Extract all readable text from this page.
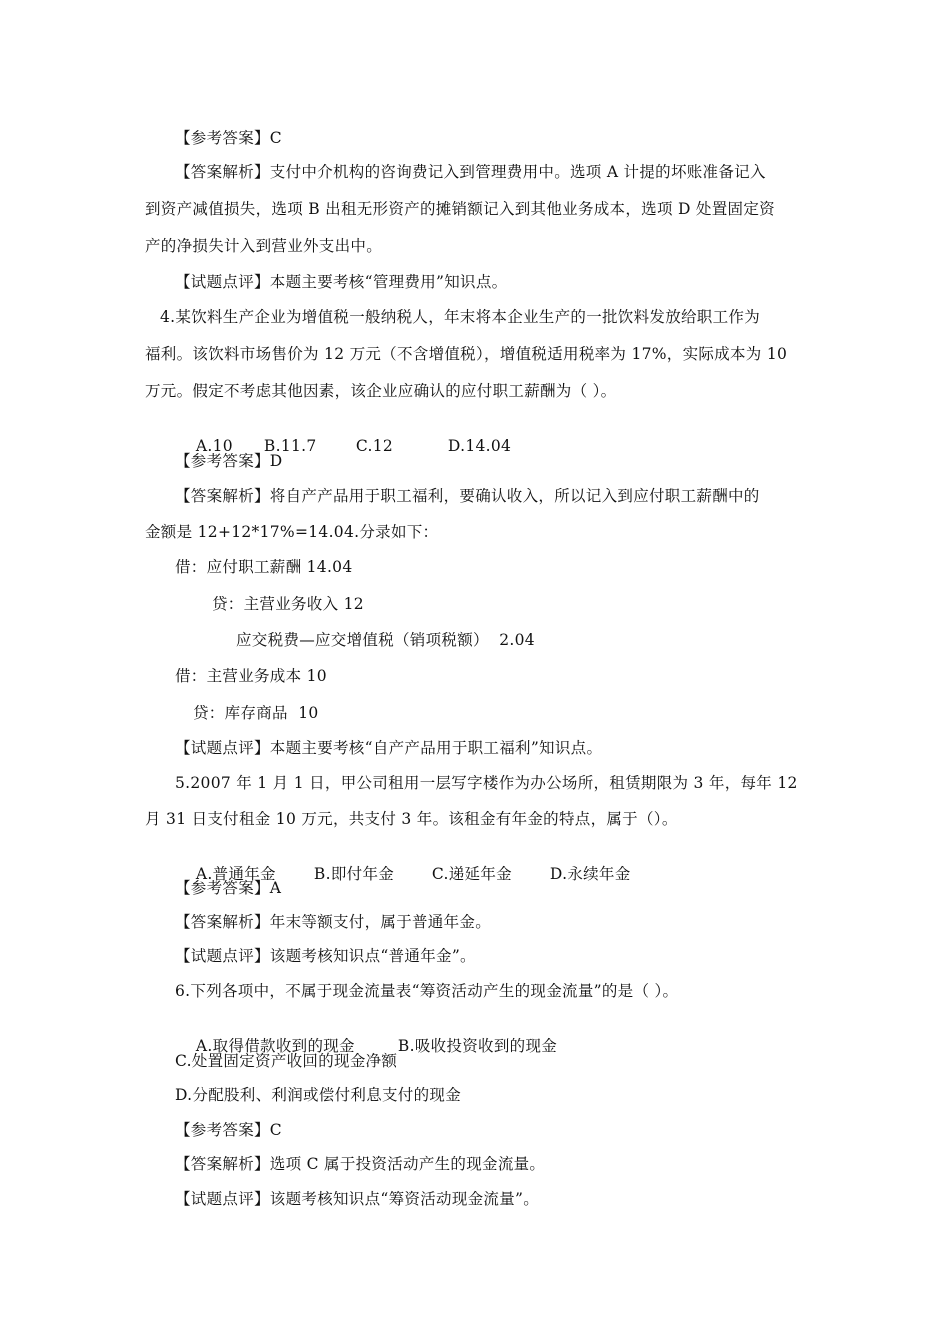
【参考答案】C
【答案解析】支付中介机构的咨询费记入到管理费用中。选项 A 计提的坏账准备记入
到资产减值损失，选项 B 出租无形资产的摊销额记入到其他业务成本，选项 D 处置固定资
产的净损失计入到营业外支出中。
【试题点评】本题主要考核“管理费用”知识点。
4.某饮料生产企业为增值税一般纳税人，年末将本企业生产的一批饮料发放给职工作为
福利。该饮料市场售价为 12 万元（不含增值税），增值税适用税率为 17%，实际成本为 10
万元。假定不考虑其他因素，该企业应确认的应付职工薪酬为（ ）。

A.10 B.11.7	C.12	D.14.04

【参考答案】D
【答案解析】将自产产品用于职工福利，要确认收入，所以记入到应付职工薪酬中的
金额是 12+12*17%=14.04.分录如下：
借：应付职工薪酬 14.04
贷：主营业务收入 12
应交税费—应交增值税（销项税额）  2.04
借：主营业务成本 10
贷：库存商品  10
【试题点评】本题主要考核“自产产品用于职工福利”知识点。
5.2007 年 1 月 1 日，甲公司租用一层写字楼作为办公场所，租赁期限为 3 年，每年 12
月 31 日支付租金 10 万元，共支付 3 年。该租金有年金的特点，属于（）。

A.普通年金 B.即付年金 C.递延年金 D.永续年金

【参考答案】A
【答案解析】年末等额支付，属于普通年金。
【试题点评】该题考核知识点“普通年金”。
6.下列各项中，不属于现金流量表“筹资活动产生的现金流量”的是（ ）。

A.取得借款收到的现金	B.吸收投资收到的现金

C.处置固定资产收回的现金净额
D.分配股利、利润或偿付利息支付的现金
【参考答案】C
【答案解析】选项 C 属于投资活动产生的现金流量。
【试题点评】该题考核知识点“筹资活动现金流量”。
